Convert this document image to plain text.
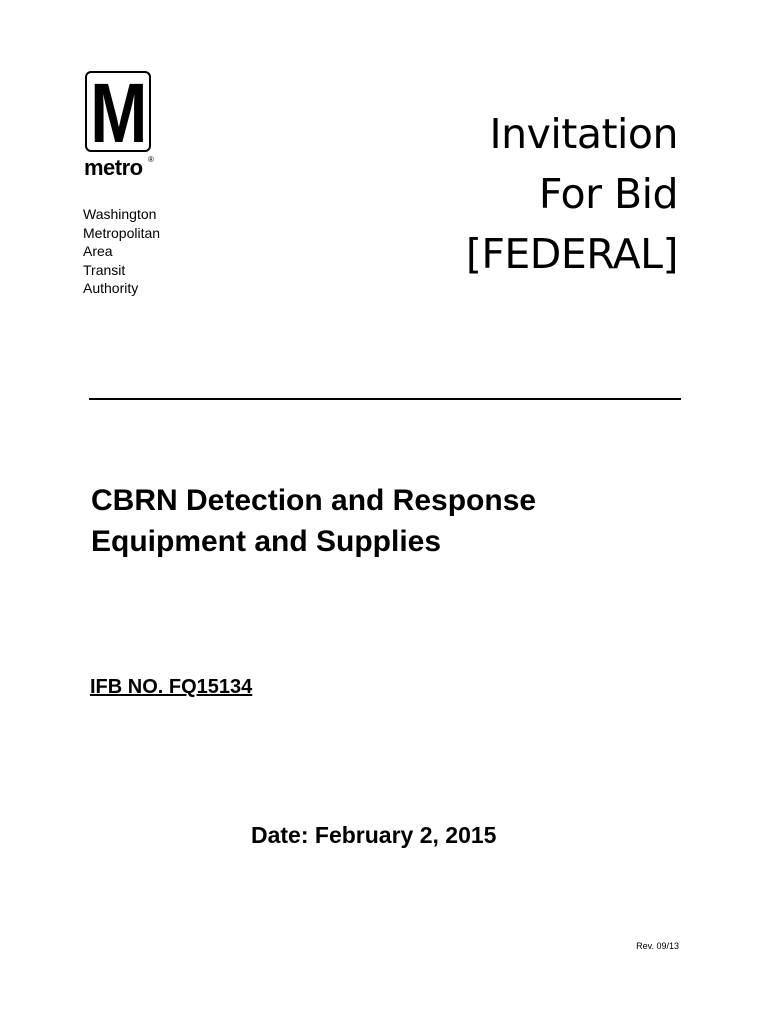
M
metro ®
Washington
Metropolitan
Area
Transit
Authority
Invitation
For Bid
[FEDERAL]
CBRN Detection and Response
Equipment and Supplies
IFB NO. FQ15134
Date: February 2, 2015
Rev. 09/13
